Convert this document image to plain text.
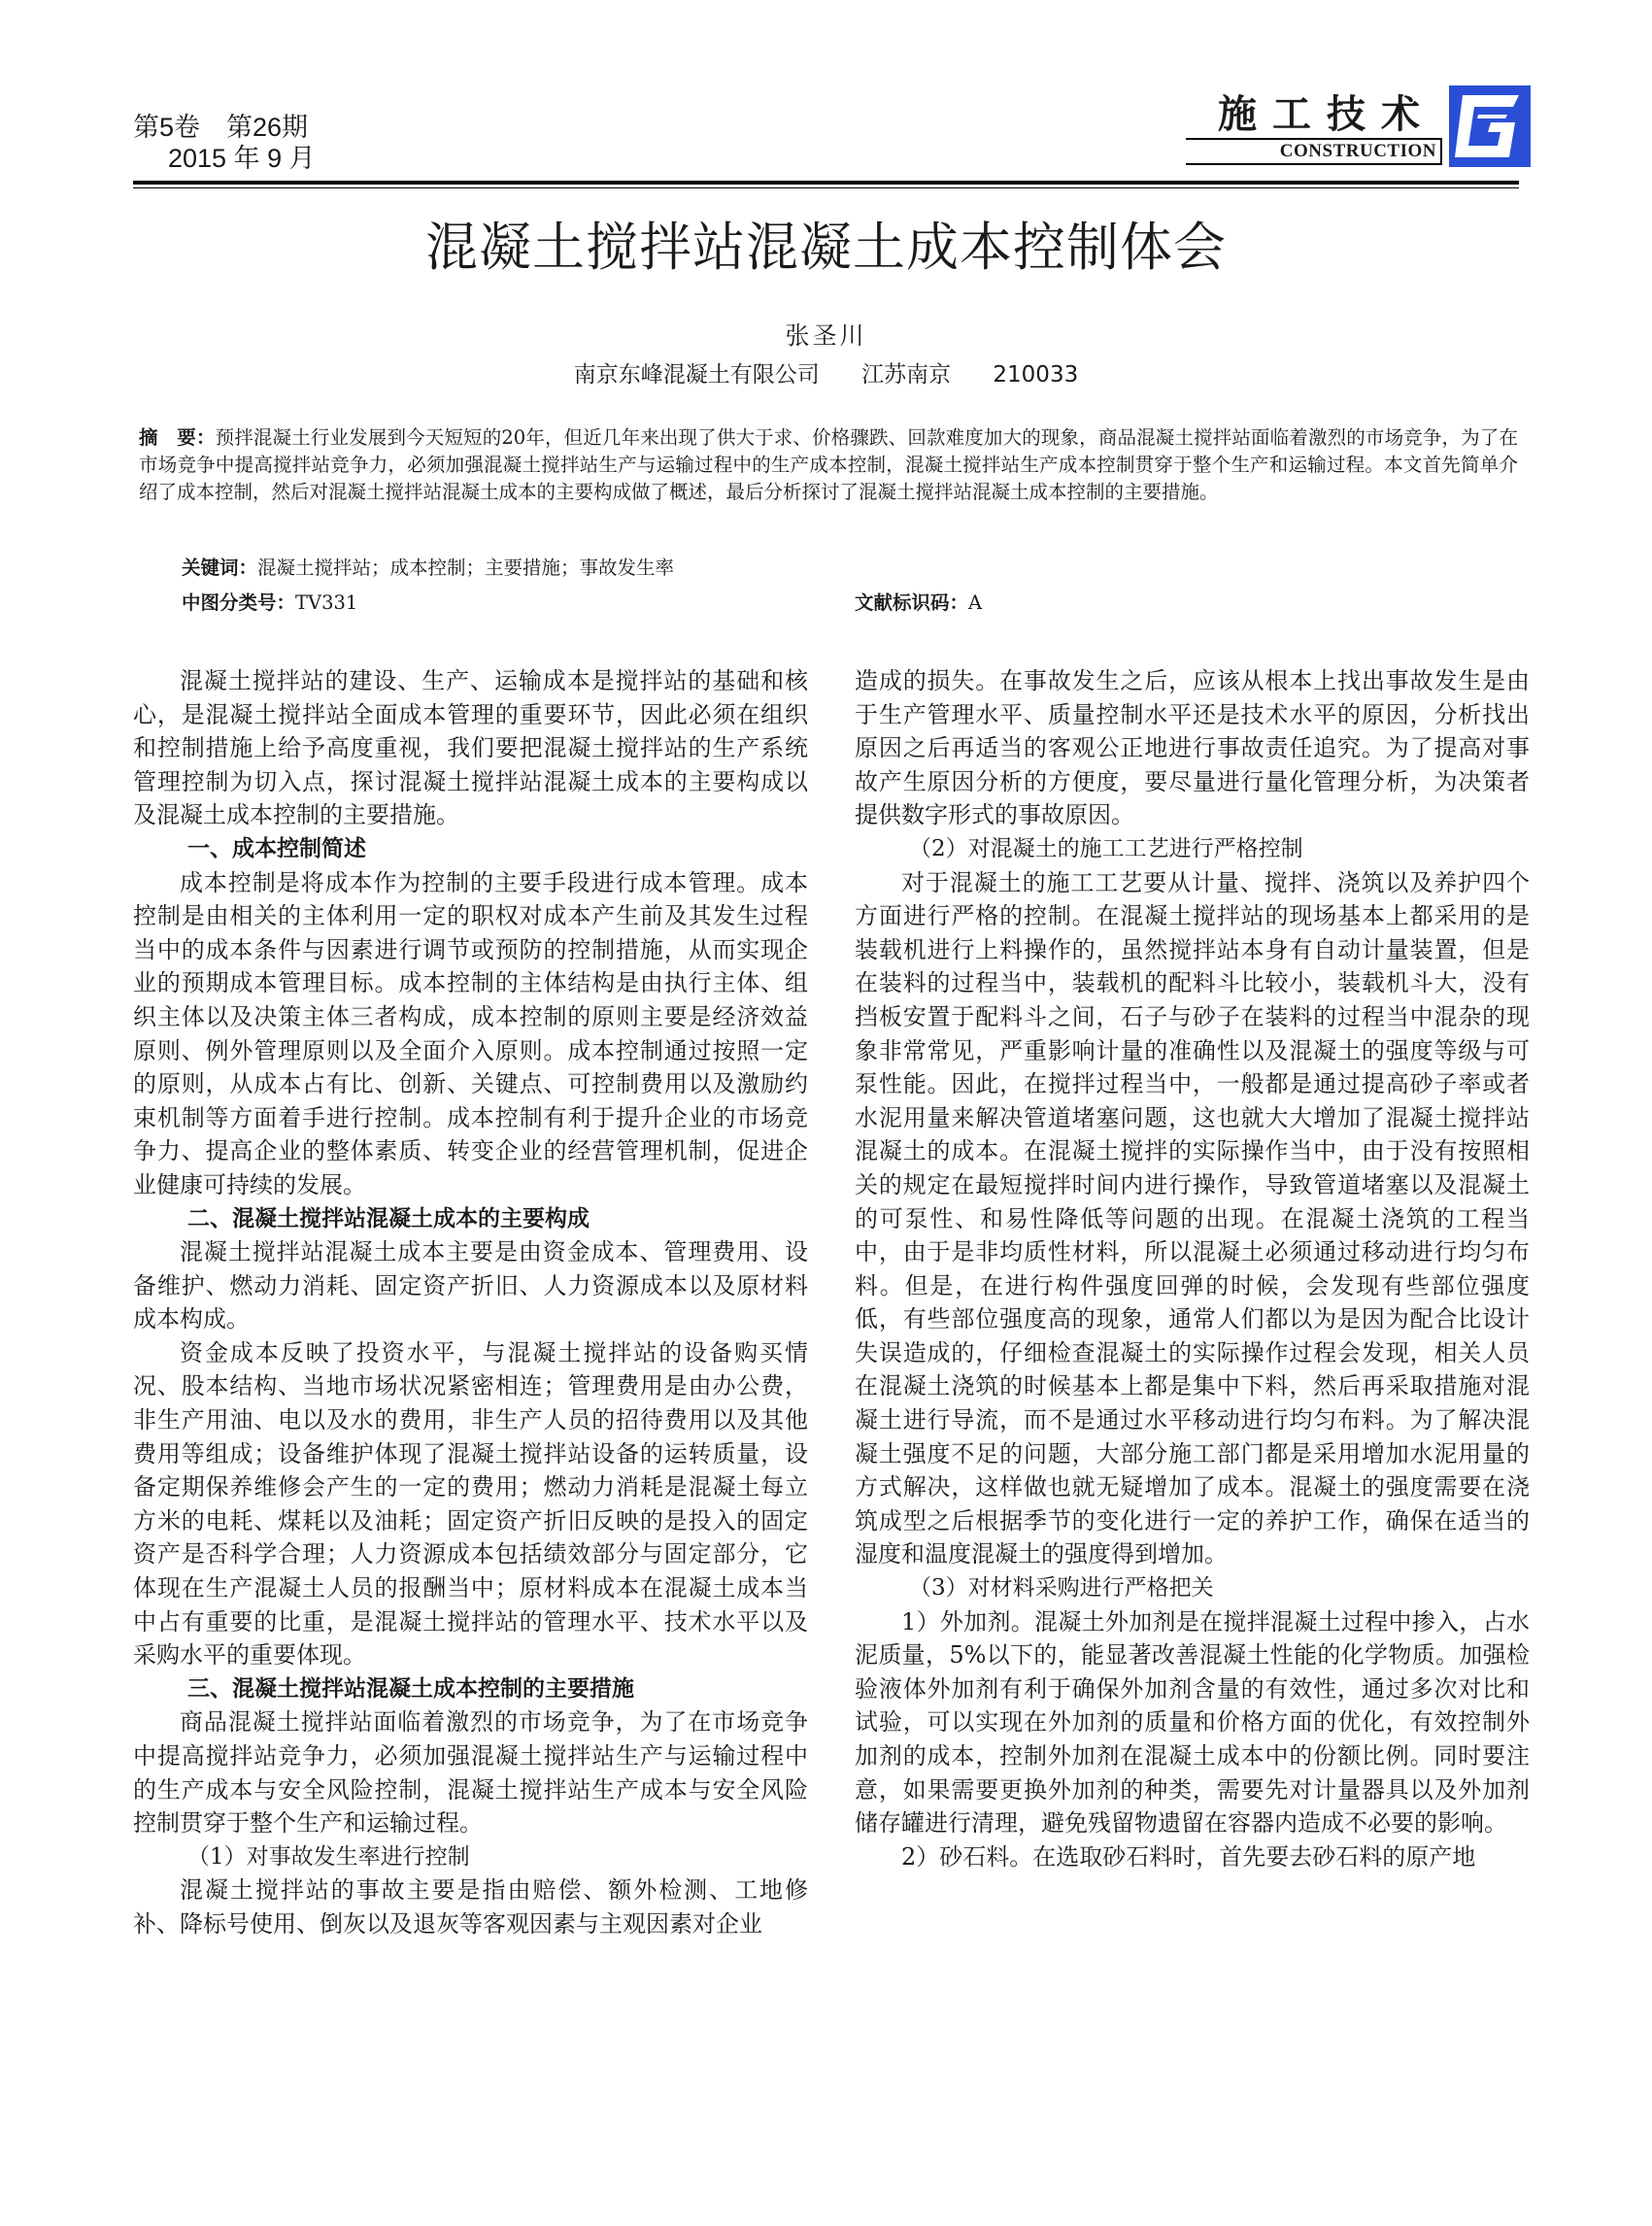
第5卷　第26期
2015 年 9 月
施工技术
CONSTRUCTION
混凝土搅拌站混凝土成本控制体会
张圣川
南京东峰混凝土有限公司 江苏南京 210033
摘　要：预拌混凝土行业发展到今天短短的20年，但近几年来出现了供大于求、价格骤跌、回款难度加大的现象，商品混凝土搅拌站面临着激烈的市场竞争，为了在市场竞争中提高搅拌站竞争力，必须加强混凝土搅拌站生产与运输过程中的生产成本控制，混凝土搅拌站生产成本控制贯穿于整个生产和运输过程。本文首先简单介绍了成本控制，然后对混凝土搅拌站混凝土成本的主要构成做了概述，最后分析探讨了混凝土搅拌站混凝土成本控制的主要措施。
关键词：混凝土搅拌站；成本控制；主要措施；事故发生率
中图分类号：TV331	文献标识码：A

混凝土搅拌站的建设、生产、运输成本是搅拌站的基础和核心，是混凝土搅拌站全面成本管理的重要环节，因此必须在组织和控制措施上给予高度重视，我们要把混凝土搅拌站的生产系统管理控制为切入点，探讨混凝土搅拌站混凝土成本的主要构成以及混凝土成本控制的主要措施。

一、成本控制简述

成本控制是将成本作为控制的主要手段进行成本管理。成本控制是由相关的主体利用一定的职权对成本产生前及其发生过程当中的成本条件与因素进行调节或预防的控制措施，从而实现企业的预期成本管理目标。成本控制的主体结构是由执行主体、组织主体以及决策主体三者构成，成本控制的原则主要是经济效益原则、例外管理原则以及全面介入原则。成本控制通过按照一定的原则，从成本占有比、创新、关键点、可控制费用以及激励约束机制等方面着手进行控制。成本控制有利于提升企业的市场竞争力、提高企业的整体素质、转变企业的经营管理机制，促进企业健康可持续的发展。

二、混凝土搅拌站混凝土成本的主要构成

混凝土搅拌站混凝土成本主要是由资金成本、管理费用、设备维护、燃动力消耗、固定资产折旧、人力资源成本以及原材料成本构成。

资金成本反映了投资水平，与混凝土搅拌站的设备购买情况、股本结构、当地市场状况紧密相连；管理费用是由办公费，非生产用油、电以及水的费用，非生产人员的招待费用以及其他费用等组成；设备维护体现了混凝土搅拌站设备的运转质量，设备定期保养维修会产生的一定的费用；燃动力消耗是混凝土每立方米的电耗、煤耗以及油耗；固定资产折旧反映的是投入的固定资产是否科学合理；人力资源成本包括绩效部分与固定部分，它体现在生产混凝土人员的报酬当中；原材料成本在混凝土成本当中占有重要的比重，是混凝土搅拌站的管理水平、技术水平以及采购水平的重要体现。

三、混凝土搅拌站混凝土成本控制的主要措施

商品混凝土搅拌站面临着激烈的市场竞争，为了在市场竞争中提高搅拌站竞争力，必须加强混凝土搅拌站生产与运输过程中的生产成本与安全风险控制，混凝土搅拌站生产成本与安全风险控制贯穿于整个生产和运输过程。

（1）对事故发生率进行控制

混凝土搅拌站的事故主要是指由赔偿、额外检测、工地修补、降标号使用、倒灰以及退灰等客观因素与主观因素对企业

造成的损失。在事故发生之后，应该从根本上找出事故发生是由于生产管理水平、质量控制水平还是技术水平的原因，分析找出原因之后再适当的客观公正地进行事故责任追究。为了提高对事故产生原因分析的方便度，要尽量进行量化管理分析，为决策者提供数字形式的事故原因。

（2）对混凝土的施工工艺进行严格控制

对于混凝土的施工工艺要从计量、搅拌、浇筑以及养护四个方面进行严格的控制。在混凝土搅拌站的现场基本上都采用的是装载机进行上料操作的，虽然搅拌站本身有自动计量装置，但是在装料的过程当中，装载机的配料斗比较小，装载机斗大，没有挡板安置于配料斗之间，石子与砂子在装料的过程当中混杂的现象非常常见，严重影响计量的准确性以及混凝土的强度等级与可泵性能。因此，在搅拌过程当中，一般都是通过提高砂子率或者水泥用量来解决管道堵塞问题，这也就大大增加了混凝土搅拌站混凝土的成本。在混凝土搅拌的实际操作当中，由于没有按照相关的规定在最短搅拌时间内进行操作，导致管道堵塞以及混凝土的可泵性、和易性降低等问题的出现。在混凝土浇筑的工程当中，由于是非均质性材料，所以混凝土必须通过移动进行均匀布料。但是，在进行构件强度回弹的时候，会发现有些部位强度低，有些部位强度高的现象，通常人们都以为是因为配合比设计失误造成的，仔细检查混凝土的实际操作过程会发现，相关人员在混凝土浇筑的时候基本上都是集中下料，然后再采取措施对混凝土进行导流，而不是通过水平移动进行均匀布料。为了解决混凝土强度不足的问题，大部分施工部门都是采用增加水泥用量的方式解决，这样做也就无疑增加了成本。混凝土的强度需要在浇筑成型之后根据季节的变化进行一定的养护工作，确保在适当的湿度和温度混凝土的强度得到增加。

（3）对材料采购进行严格把关

1）外加剂。混凝土外加剂是在搅拌混凝土过程中掺入，占水泥质量，5%以下的，能显著改善混凝土性能的化学物质。加强检验液体外加剂有利于确保外加剂含量的有效性，通过多次对比和试验，可以实现在外加剂的质量和价格方面的优化，有效控制外加剂的成本，控制外加剂在混凝土成本中的份额比例。同时要注意，如果需要更换外加剂的种类，需要先对计量器具以及外加剂储存罐进行清理，避免残留物遗留在容器内造成不必要的影响。

2）砂石料。在选取砂石料时，首先要去砂石料的原产地
